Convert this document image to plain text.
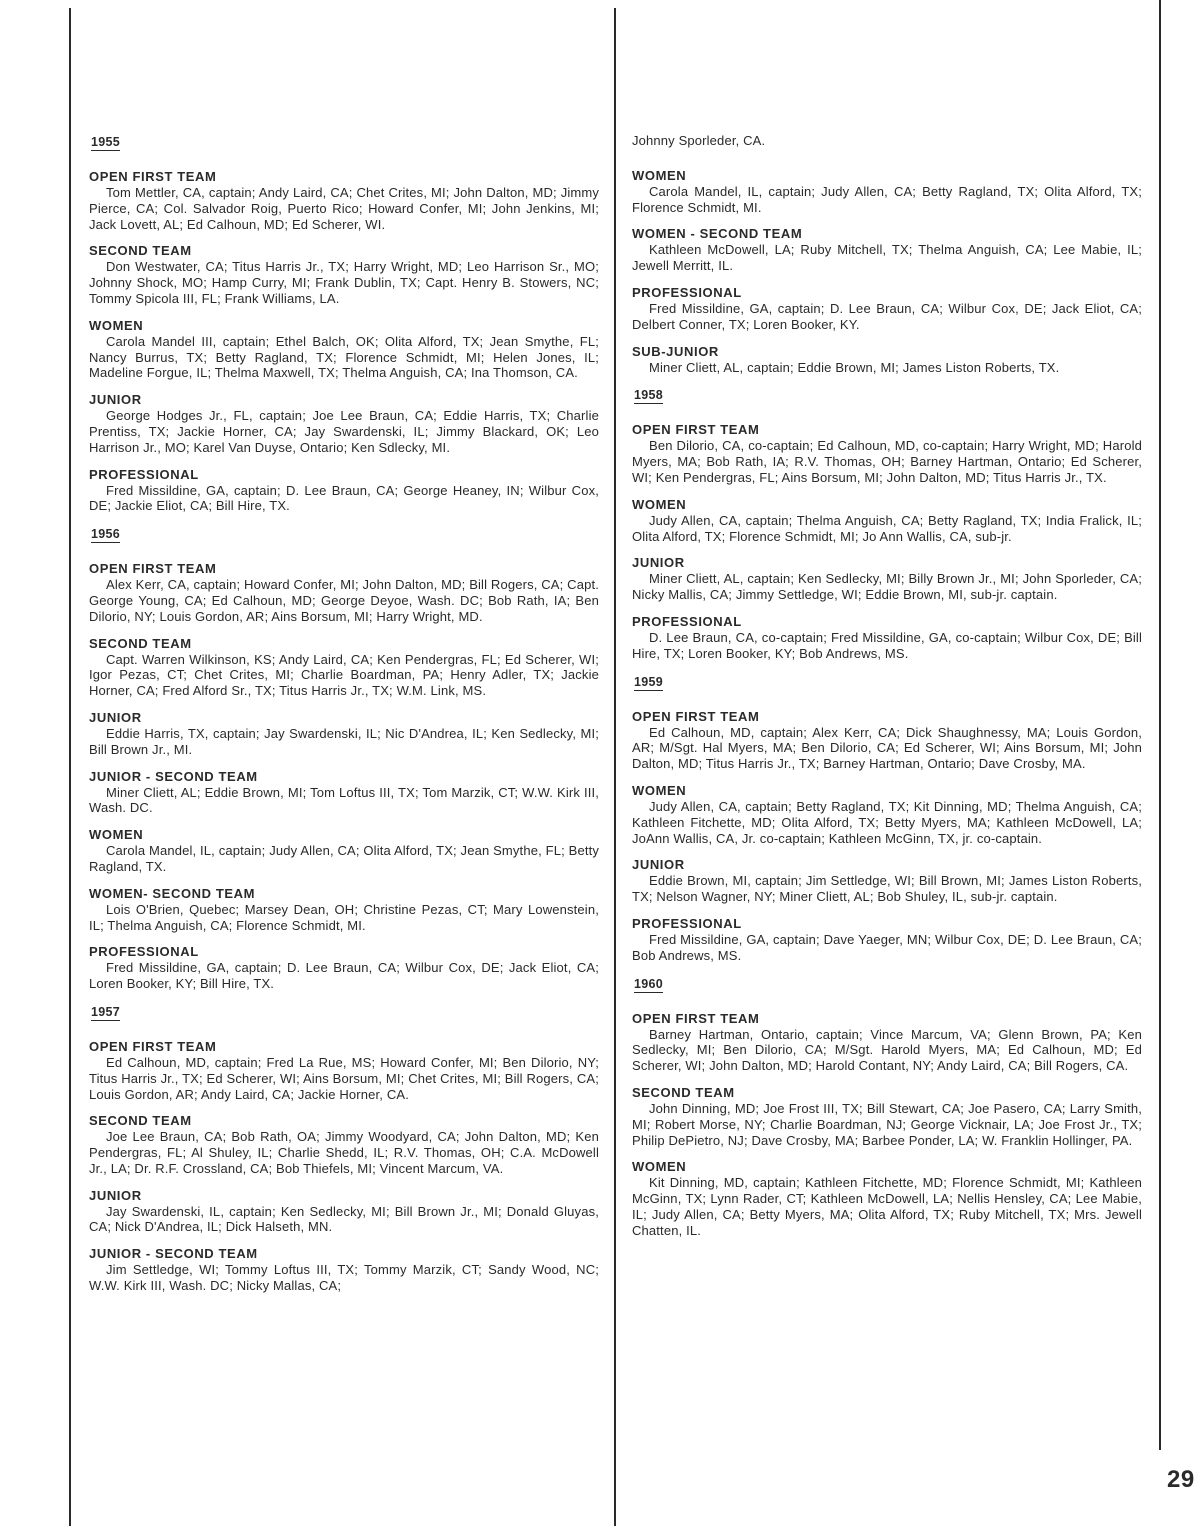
1955
OPEN FIRST TEAM
Tom Mettler, CA, captain; Andy Laird, CA; Chet Crites, MI; John Dalton, MD; Jimmy Pierce, CA; Col. Salvador Roig, Puerto Rico; Howard Confer, MI; John Jenkins, MI; Jack Lovett, AL; Ed Calhoun, MD; Ed Scherer, WI.
SECOND TEAM
Don Westwater, CA; Titus Harris Jr., TX; Harry Wright, MD; Leo Harrison Sr., MO; Johnny Shock, MO; Hamp Curry, MI; Frank Dublin, TX; Capt. Henry B. Stowers, NC; Tommy Spicola III, FL; Frank Williams, LA.
WOMEN
Carola Mandel III, captain; Ethel Balch, OK; Olita Alford, TX; Jean Smythe, FL; Nancy Burrus, TX; Betty Ragland, TX; Florence Schmidt, MI; Helen Jones, IL; Madeline Forgue, IL; Thelma Maxwell, TX; Thelma Anguish, CA; Ina Thomson, CA.
JUNIOR
George Hodges Jr., FL, captain; Joe Lee Braun, CA; Eddie Harris, TX; Charlie Prentiss, TX; Jackie Horner, CA; Jay Swardenski, IL; Jimmy Blackard, OK; Leo Harrison Jr., MO; Karel Van Duyse, Ontario; Ken Sdlecky, MI.
PROFESSIONAL
Fred Missildine, GA, captain; D. Lee Braun, CA; George Heaney, IN; Wilbur Cox, DE; Jackie Eliot, CA; Bill Hire, TX.
1956
OPEN FIRST TEAM
Alex Kerr, CA, captain; Howard Confer, MI; John Dalton, MD; Bill Rogers, CA; Capt. George Young, CA; Ed Calhoun, MD; George Deyoe, Wash. DC; Bob Rath, IA; Ben Dilorio, NY; Louis Gordon, AR; Ains Borsum, MI; Harry Wright, MD.
SECOND TEAM
Capt. Warren Wilkinson, KS; Andy Laird, CA; Ken Pendergras, FL; Ed Scherer, WI; Igor Pezas, CT; Chet Crites, MI; Charlie Boardman, PA; Henry Adler, TX; Jackie Horner, CA; Fred Alford Sr., TX; Titus Harris Jr., TX; W.M. Link, MS.
JUNIOR
Eddie Harris, TX, captain; Jay Swardenski, IL; Nic D'Andrea, IL; Ken Sedlecky, MI; Bill Brown Jr., MI.
JUNIOR - SECOND TEAM
Miner Cliett, AL; Eddie Brown, MI; Tom Loftus III, TX; Tom Marzik, CT; W.W. Kirk III, Wash. DC.
WOMEN
Carola Mandel, IL, captain; Judy Allen, CA; Olita Alford, TX; Jean Smythe, FL; Betty Ragland, TX.
WOMEN- SECOND TEAM
Lois O'Brien, Quebec; Marsey Dean, OH; Christine Pezas, CT; Mary Lowenstein, IL; Thelma Anguish, CA; Florence Schmidt, MI.
PROFESSIONAL
Fred Missildine, GA, captain; D. Lee Braun, CA; Wilbur Cox, DE; Jack Eliot, CA; Loren Booker, KY; Bill Hire, TX.
1957
OPEN FIRST TEAM
Ed Calhoun, MD, captain; Fred La Rue, MS; Howard Confer, MI; Ben Dilorio, NY; Titus Harris Jr., TX; Ed Scherer, WI; Ains Borsum, MI; Chet Crites, MI; Bill Rogers, CA; Louis Gordon, AR; Andy Laird, CA; Jackie Horner, CA.
SECOND TEAM
Joe Lee Braun, CA; Bob Rath, OA; Jimmy Woodyard, CA; John Dalton, MD; Ken Pendergras, FL; Al Shuley, IL; Charlie Shedd, IL; R.V. Thomas, OH; C.A. McDowell Jr., LA; Dr. R.F. Crossland, CA; Bob Thiefels, MI; Vincent Marcum, VA.
JUNIOR
Jay Swardenski, IL, captain; Ken Sedlecky, MI; Bill Brown Jr., MI; Donald Gluyas, CA; Nick D'Andrea, IL; Dick Halseth, MN.
JUNIOR - SECOND TEAM
Jim Settledge, WI; Tommy Loftus III, TX; Tommy Marzik, CT; Sandy Wood, NC; W.W. Kirk III, Wash. DC; Nicky Mallas, CA;
Johnny Sporleder, CA.
WOMEN
Carola Mandel, IL, captain; Judy Allen, CA; Betty Ragland, TX; Olita Alford, TX; Florence Schmidt, MI.
WOMEN - SECOND TEAM
Kathleen McDowell, LA; Ruby Mitchell, TX; Thelma Anguish, CA; Lee Mabie, IL; Jewell Merritt, IL.
PROFESSIONAL
Fred Missildine, GA, captain; D. Lee Braun, CA; Wilbur Cox, DE; Jack Eliot, CA; Delbert Conner, TX; Loren Booker, KY.
SUB-JUNIOR
Miner Cliett, AL, captain; Eddie Brown, MI; James Liston Roberts, TX.
1958
OPEN FIRST TEAM
Ben Dilorio, CA, co-captain; Ed Calhoun, MD, co-captain; Harry Wright, MD; Harold Myers, MA; Bob Rath, IA; R.V. Thomas, OH; Barney Hartman, Ontario; Ed Scherer, WI; Ken Pendergras, FL; Ains Borsum, MI; John Dalton, MD; Titus Harris Jr., TX.
WOMEN
Judy Allen, CA, captain; Thelma Anguish, CA; Betty Ragland, TX; India Fralick, IL; Olita Alford, TX; Florence Schmidt, MI; Jo Ann Wallis, CA, sub-jr.
JUNIOR
Miner Cliett, AL, captain; Ken Sedlecky, MI; Billy Brown Jr., MI; John Sporleder, CA; Nicky Mallis, CA; Jimmy Settledge, WI; Eddie Brown, MI, sub-jr. captain.
PROFESSIONAL
D. Lee Braun, CA, co-captain; Fred Missildine, GA, co-captain; Wilbur Cox, DE; Bill Hire, TX; Loren Booker, KY; Bob Andrews, MS.
1959
OPEN FIRST TEAM
Ed Calhoun, MD, captain; Alex Kerr, CA; Dick Shaughnessy, MA; Louis Gordon, AR; M/Sgt. Hal Myers, MA; Ben Dilorio, CA; Ed Scherer, WI; Ains Borsum, MI; John Dalton, MD; Titus Harris Jr., TX; Barney Hartman, Ontario; Dave Crosby, MA.
WOMEN
Judy Allen, CA, captain; Betty Ragland, TX; Kit Dinning, MD; Thelma Anguish, CA; Kathleen Fitchette, MD; Olita Alford, TX; Betty Myers, MA; Kathleen McDowell, LA; JoAnn Wallis, CA, Jr. co-captain; Kathleen McGinn, TX, jr. co-captain.
JUNIOR
Eddie Brown, MI, captain; Jim Settledge, WI; Bill Brown, MI; James Liston Roberts, TX; Nelson Wagner, NY; Miner Cliett, AL; Bob Shuley, IL, sub-jr. captain.
PROFESSIONAL
Fred Missildine, GA, captain; Dave Yaeger, MN; Wilbur Cox, DE; D. Lee Braun, CA; Bob Andrews, MS.
1960
OPEN FIRST TEAM
Barney Hartman, Ontario, captain; Vince Marcum, VA; Glenn Brown, PA; Ken Sedlecky, MI; Ben Dilorio, CA; M/Sgt. Harold Myers, MA; Ed Calhoun, MD; Ed Scherer, WI; John Dalton, MD; Harold Contant, NY; Andy Laird, CA; Bill Rogers, CA.
SECOND TEAM
John Dinning, MD; Joe Frost III, TX; Bill Stewart, CA; Joe Pasero, CA; Larry Smith, MI; Robert Morse, NY; Charlie Boardman, NJ; George Vicknair, LA; Joe Frost Jr., TX; Philip DePietro, NJ; Dave Crosby, MA; Barbee Ponder, LA; W. Franklin Hollinger, PA.
WOMEN
Kit Dinning, MD, captain; Kathleen Fitchette, MD; Florence Schmidt, MI; Kathleen McGinn, TX; Lynn Rader, CT; Kathleen McDowell, LA; Nellis Hensley, CA; Lee Mabie, IL; Judy Allen, CA; Betty Myers, MA; Olita Alford, TX; Ruby Mitchell, TX; Mrs. Jewell Chatten, IL.
29
